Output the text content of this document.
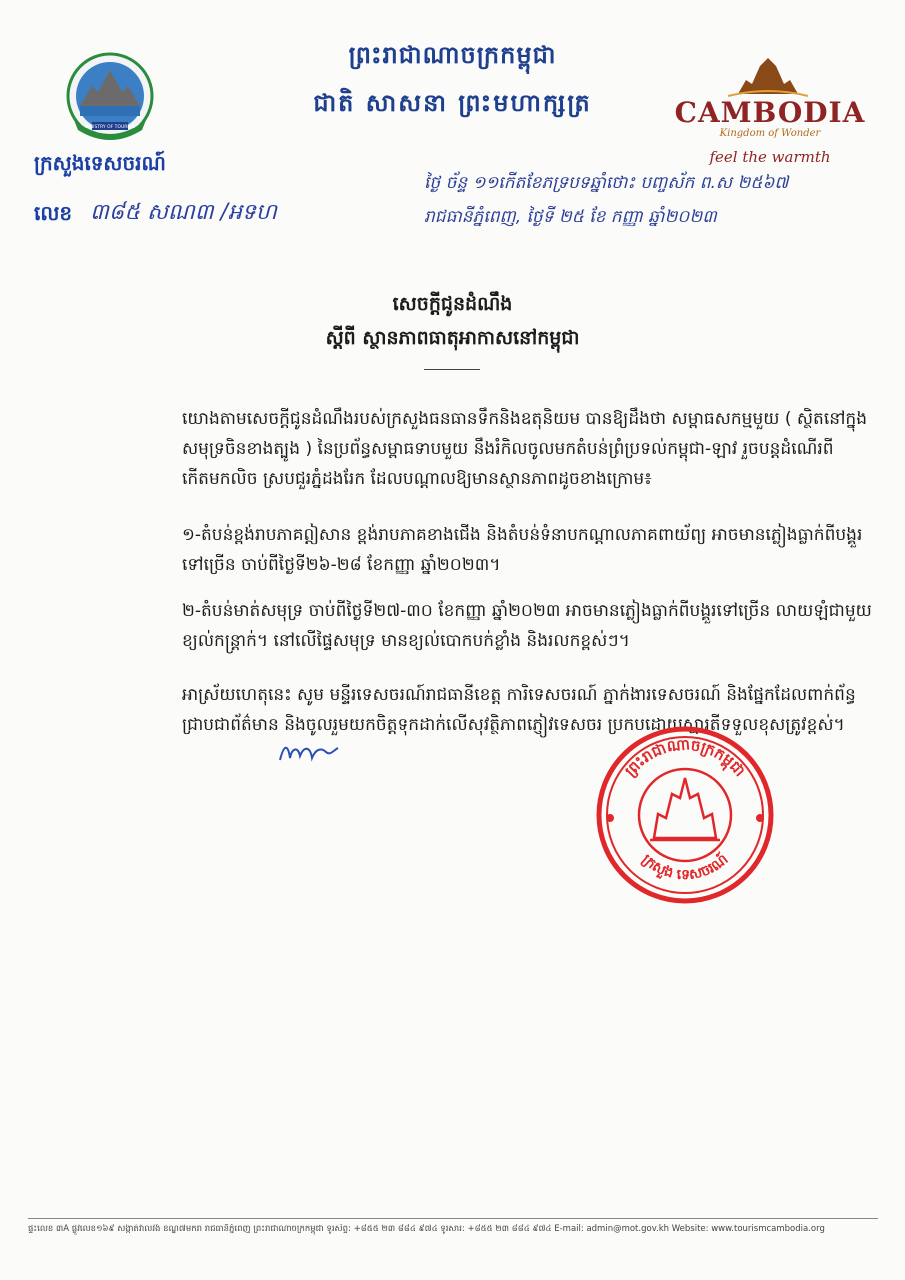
ព្រះរាជាណាចក្រកម្ពុជា
ជាតិ សាសនា ព្រះមហាក្សត្រ
MINISTRY OF TOURISM
ក្រសួងទេសចរណ៍
លេខ ៣៨៥ សណ៣ /អទហ
CAMBODIA
Kingdom of Wonder
feel the warmth
ថ្ងៃ ច័ន្ទ ១១កើតខែភទ្របទឆ្នាំថោះ បញ្ចស័ក ព.ស ២៥៦៧
រាជធានីភ្នំពេញ, ថ្ងៃទី ២៥ ខែ កញ្ញា ឆ្នាំ២០២៣
សេចក្ដីជូនដំណឹង
ស្ដីពី ស្ថានភាពធាតុអាកាសនៅកម្ពុជា
យោងតាមសេចក្ដីជូនដំណឹងរបស់ក្រសួងធនធានទឹកនិងឧតុនិយម បានឱ្យដឹងថា សម្ពាធសកម្មមួយ ( ស្ថិតនៅក្នុងសមុទ្រចិនខាងត្បូង ) នៃប្រព័ន្ធសម្ពាធទាបមួយ នឹងរំកិលចូលមកតំបន់ព្រំប្រទល់កម្ពុជា-ឡាវ រួចបន្តដំណើរពីកើតមកលិច ស្របជួរភ្នំដងរែក ដែលបណ្ដាលឱ្យមានស្ថានភាពដូចខាងក្រោម៖
១-តំបន់ខ្ពង់រាបភាគឦសាន ខ្ពង់រាបភាគខាងជើង និងតំបន់ទំនាបកណ្ដាលភាគពាយ័ព្យ អាចមានភ្លៀងធ្លាក់ពីបង្គួរទៅច្រើន ចាប់ពីថ្ងៃទី២៦-២៨ ខែកញ្ញា ឆ្នាំ២០២៣។
២-តំបន់មាត់សមុទ្រ ចាប់ពីថ្ងៃទី២៧-៣០ ខែកញ្ញា ឆ្នាំ២០២៣ អាចមានភ្លៀងធ្លាក់ពីបង្គួរទៅច្រើន លាយឡំជាមួយខ្យល់កន្ត្រាក់។ នៅលើផ្ទៃសមុទ្រ មានខ្យល់បោកបក់ខ្លាំង និងរលកខ្ពស់ៗ។
អាស្រ័យហេតុនេះ សូម មន្ទីរទេសចរណ៍រាជធានីខេត្ត ការិទេសចរណ៍ ភ្នាក់ងារទេសចរណ៍ និងផ្នែកដែលពាក់ព័ន្ធ ជ្រាបជាព័ត៌មាន និងចូលរួមយកចិត្តទុកដាក់លើសុវត្ថិភាពភ្ញៀវទេសចរ ប្រកបដោយស្មារតីទទួលខុសត្រូវខ្ពស់។
ព្រះរាជាណាចក្រកម្ពុជា
ក្រសួង ទេសចរណ៍
ផ្ទះលេខ ៣A ផ្លូវលេខ១៦៩ សង្កាត់វាលវង់ ខណ្ឌ៧មករា រាជធានីភ្នំពេញ ព្រះរាជាណាចក្រកម្ពុជា ទូរស័ព្ទ: +៨៥៥ ២៣ ៨៨៤ ៩៧៤ ទូរសារ: +៨៥៥ ២៣ ៨៨៤ ៩៧៤ E-mail: admin@mot.gov.kh Website: www.tourismcambodia.org
